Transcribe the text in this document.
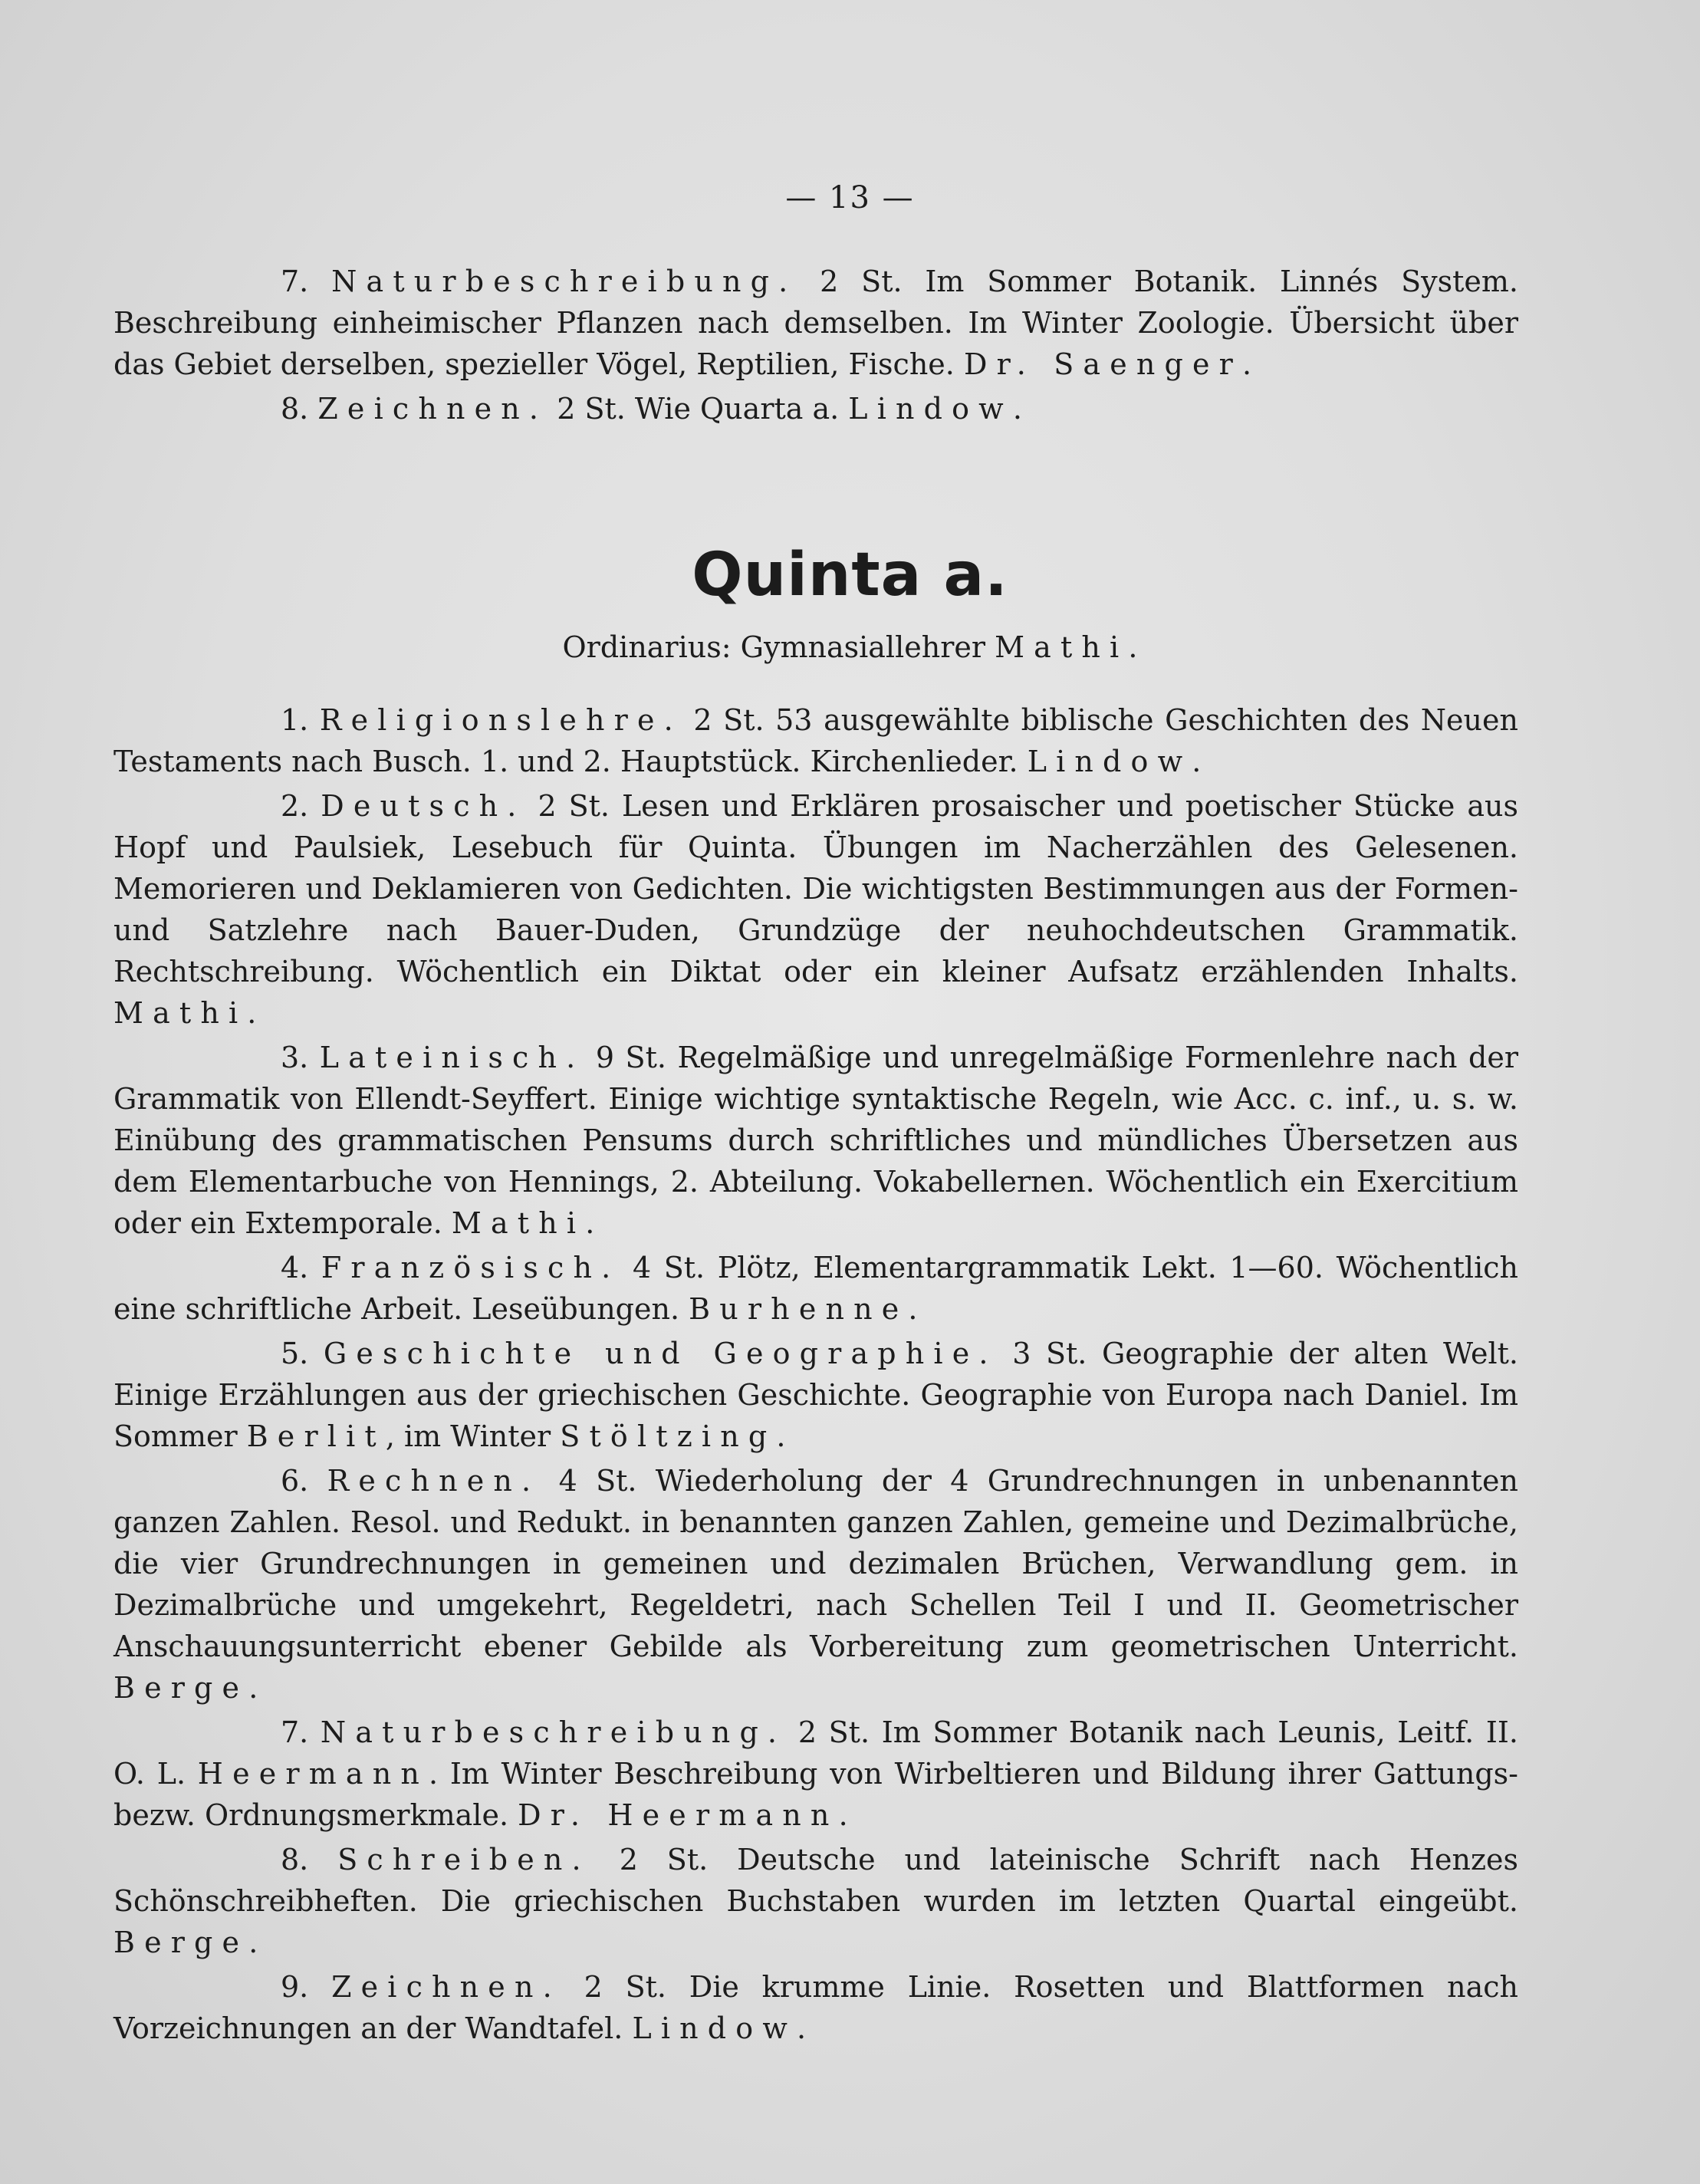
— 13 —

7. Naturbeschreibung. 2 St. Im Sommer Botanik. Linnés System. Beschreibung einheimischer Pflanzen nach demselben. Im Winter Zoologie. Übersicht über das Gebiet derselben, spezieller Vögel, Reptilien, Fische. Dr. Saenger.

8. Zeichnen. 2 St. Wie Quarta a. Lindow.

Quinta a.
Ordinarius: Gymnasiallehrer Mathi.

1. Religionslehre. 2 St. 53 ausgewählte biblische Geschichten des Neuen Testaments nach Busch. 1. und 2. Hauptstück. Kirchenlieder. Lindow.

2. Deutsch. 2 St. Lesen und Erklären prosaischer und poetischer Stücke aus Hopf und Paulsiek, Lesebuch für Quinta. Übungen im Nacherzählen des Gelesenen. Memorieren und Deklamieren von Gedichten. Die wichtigsten Bestimmungen aus der Formen- und Satzlehre nach Bauer-Duden, Grundzüge der neuhochdeutschen Grammatik. Rechtschreibung. Wöchentlich ein Diktat oder ein kleiner Aufsatz erzählenden Inhalts. Mathi.

3. Lateinisch. 9 St. Regelmäßige und unregelmäßige Formenlehre nach der Grammatik von Ellendt-Seyffert. Einige wichtige syntaktische Regeln, wie Acc. c. inf., u. s. w. Einübung des grammatischen Pensums durch schriftliches und mündliches Übersetzen aus dem Elementarbuche von Hennings, 2. Abteilung. Vokabellernen. Wöchentlich ein Exercitium oder ein Extemporale. Mathi.

4. Französisch. 4 St. Plötz, Elementargrammatik Lekt. 1—60. Wöchentlich eine schriftliche Arbeit. Leseübungen. Burhenne.

5. Geschichte und Geographie. 3 St. Geographie der alten Welt. Einige Erzählungen aus der griechischen Geschichte. Geographie von Europa nach Daniel. Im Sommer Berlit, im Winter Stöltzing.

6. Rechnen. 4 St. Wiederholung der 4 Grundrechnungen in unbenannten ganzen Zahlen. Resol. und Redukt. in benannten ganzen Zahlen, gemeine und Dezimalbrüche, die vier Grundrechnungen in gemeinen und dezimalen Brüchen, Verwandlung gem. in Dezimalbrüche und umgekehrt, Regeldetri, nach Schellen Teil I und II. Geometrischer Anschauungsunterricht ebener Gebilde als Vorbereitung zum geometrischen Unterricht. Berge.

7. Naturbeschreibung. 2 St. Im Sommer Botanik nach Leunis, Leitf. II. O. L. Heermann. Im Winter Beschreibung von Wirbeltieren und Bildung ihrer Gattungs- bezw. Ordnungsmerkmale. Dr. Heermann.

8. Schreiben. 2 St. Deutsche und lateinische Schrift nach Henzes Schönschreibheften. Die griechischen Buchstaben wurden im letzten Quartal eingeübt. Berge.

9. Zeichnen. 2 St. Die krumme Linie. Rosetten und Blattformen nach Vorzeichnungen an der Wandtafel. Lindow.
